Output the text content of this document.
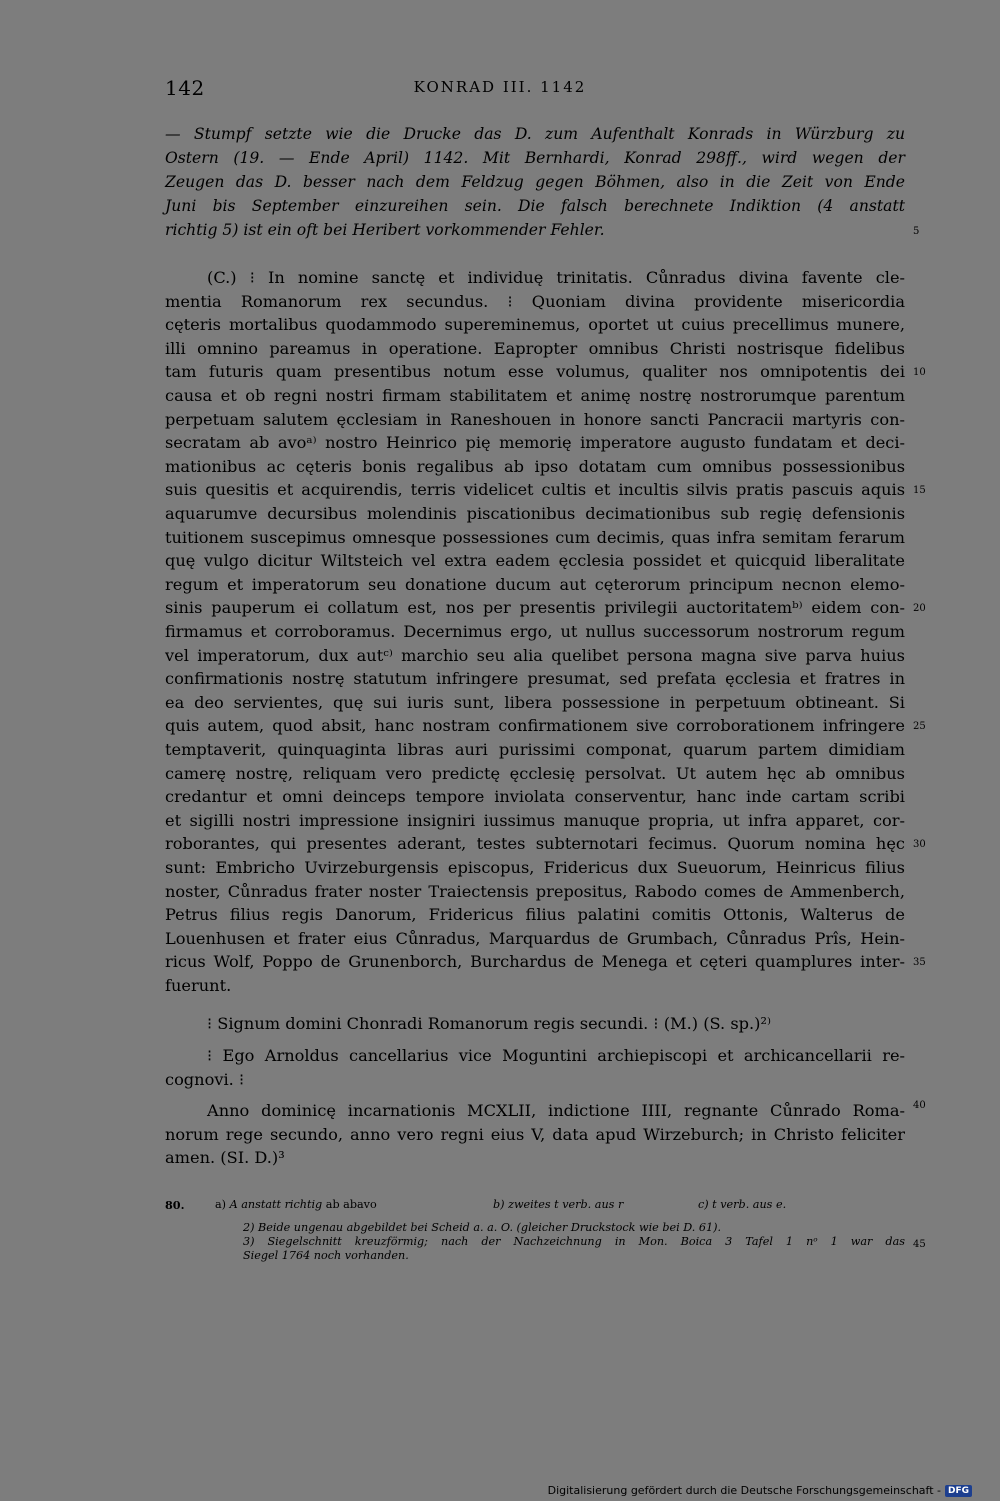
142	KONRAD III. 1142
— Stumpf setzte wie die Drucke das D. zum Aufenthalt Konrads in Würzburg zu
Ostern (19. — Ende April) 1142. Mit Bernhardi, Konrad 298ff., wird wegen der
Zeugen das D. besser nach dem Feldzug gegen Böhmen, also in die Zeit von Ende
Juni bis September einzureihen sein. Die falsch berechnete Indiktion (4 anstatt
richtig 5) ist ein oft bei Heribert vorkommender Fehler.
(C.) ⁝ In nomine sanctę et individuę trinitatis. Cůnradus divina favente cle-
mentia Romanorum rex secundus. ⁝ Quoniam divina providente misericordia
cęteris mortalibus quodammodo supereminemus, oportet ut cuius precellimus munere,
illi omnino pareamus in operatione. Eapropter omnibus Christi nostrisque fidelibus
tam futuris quam presentibus notum esse volumus, qualiter nos omnipotentis dei
causa et ob regni nostri firmam stabilitatem et animę nostrę nostrorumque parentum
perpetuam salutem ęcclesiam in Raneshouen in honore sancti Pancracii martyris con-
secratam ab avoᵃ⁾ nostro Heinrico pię memorię imperatore augusto fundatam et deci-
mationibus ac cęteris bonis regalibus ab ipso dotatam cum omnibus possessionibus
suis quesitis et acquirendis, terris videlicet cultis et incultis silvis pratis pascuis aquis
aquarumve decursibus molendinis piscationibus decimationibus sub regię defensionis
tuitionem suscepimus omnesque possessiones cum decimis, quas infra semitam ferarum
quę vulgo dicitur Wiltsteich vel extra eadem ęcclesia possidet et quicquid liberalitate
regum et imperatorum seu donatione ducum aut cęterorum principum necnon elemo-
sinis pauperum ei collatum est, nos per presentis privilegii auctoritatemᵇ⁾ eidem con-
firmamus et corroboramus. Decernimus ergo, ut nullus successorum nostrorum regum
vel imperatorum, dux autᶜ⁾ marchio seu alia quelibet persona magna sive parva huius
confirmationis nostrę statutum infringere presumat, sed prefata ęcclesia et fratres in
ea deo servientes, quę sui iuris sunt, libera possessione in perpetuum obtineant. Si
quis autem, quod absit, hanc nostram confirmationem sive corroborationem infringere
temptaverit, quinquaginta libras auri purissimi componat, quarum partem dimidiam
camerę nostrę, reliquam vero predictę ęcclesię persolvat. Ut autem hęc ab omnibus
credantur et omni deinceps tempore inviolata conserventur, hanc inde cartam scribi
et sigilli nostri impressione insigniri iussimus manuque propria, ut infra apparet, cor-
roborantes, qui presentes aderant, testes subternotari fecimus. Quorum nomina hęc
sunt: Embricho Uvirzeburgensis episcopus, Fridericus dux Sueuorum, Heinricus filius
noster, Cůnradus frater noster Traiectensis prepositus, Rabodo comes de Ammenberch,
Petrus filius regis Danorum, Fridericus filius palatini comitis Ottonis, Walterus de
Louenhusen et frater eius Cůnradus, Marquardus de Grumbach, Cůnradus Prîs, Hein-
ricus Wolf, Poppo de Grunenborch, Burchardus de Menega et cęteri quamplures inter-
fuerunt.
⁝ Signum domini Chonradi Romanorum regis secundi. ⁝ (M.) (S. sp.)²⁾
⁝ Ego Arnoldus cancellarius vice Moguntini archiepiscopi et archicancellarii re-
cognovi. ⁝
Anno dominicę incarnationis MCXLII, indictione IIII, regnante Cůnrado Roma-
norum rege secundo, anno vero regni eius V, data apud Wirzeburch; in Christo feliciter
amen. (SI. D.)³
5
10
15
20
25
30
35
40
80.	a) A anstatt richtig ab abavo	b) zweites t verb. aus r	c) t verb. aus e.
2) Beide ungenau abgebildet bei Scheid a. a. O. (gleicher Druckstock wie bei D. 61).
3) Siegelschnitt kreuzförmig; nach der Nachzeichnung in Mon. Boica 3 Tafel 1 nᵒ 1 war das
Siegel 1764 noch vorhanden.
45
Digitalisierung gefördert durch die Deutsche Forschungsgemeinschaft - DFG
